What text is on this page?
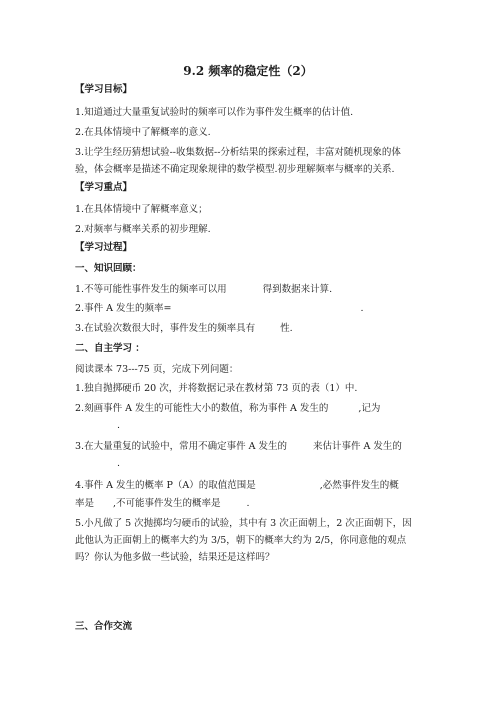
9.2 频率的稳定性（2）
【学习目标】
1.知道通过大量重复试验时的频率可以作为事件发生概率的估计值.
2.在具体情境中了解概率的意义.
3.让学生经历猜想试验--收集数据--分析结果的探索过程，丰富对随机现象的体
验，体会概率是描述不确定现象规律的数学模型.初步理解频率与概率的关系.
【学习重点】
1.在具体情境中了解概率意义；
2.对频率与概率关系的初步理解.
【学习过程】
一、知识回顾：
1.不等可能性事件发生的频率可以用	得到数据来计算.
2.事件 A 发生的频率=	.
3.在试验次数很大时，事件发生的频率具有	性.
二、自主学习 ：
阅读课本 73---75 页，完成下列问题：
1.独自抛掷硬币 20 次，并将数据记录在教材第 73 页的表（1）中.
2.刻画事件 A 发生的可能性大小的数值，称为事件 A 发生的	,记为
.
3.在大量重复的试验中，常用不确定事件 A 发生的	来估计事件 A 发生的
.
4.事件 A 发生的概率 P（A）的取值范围是	,必然事件发生的概
率是 ,不可能事件发生的概率是	.
5.小凡做了 5 次抛掷均匀硬币的试验，其中有 3 次正面朝上，2 次正面朝下，因
此他认为正面朝上的概率大约为 3/5，朝下的概率大约为 2/5，你同意他的观点
吗？你认为他多做一些试验，结果还是这样吗？
三、合作交流
